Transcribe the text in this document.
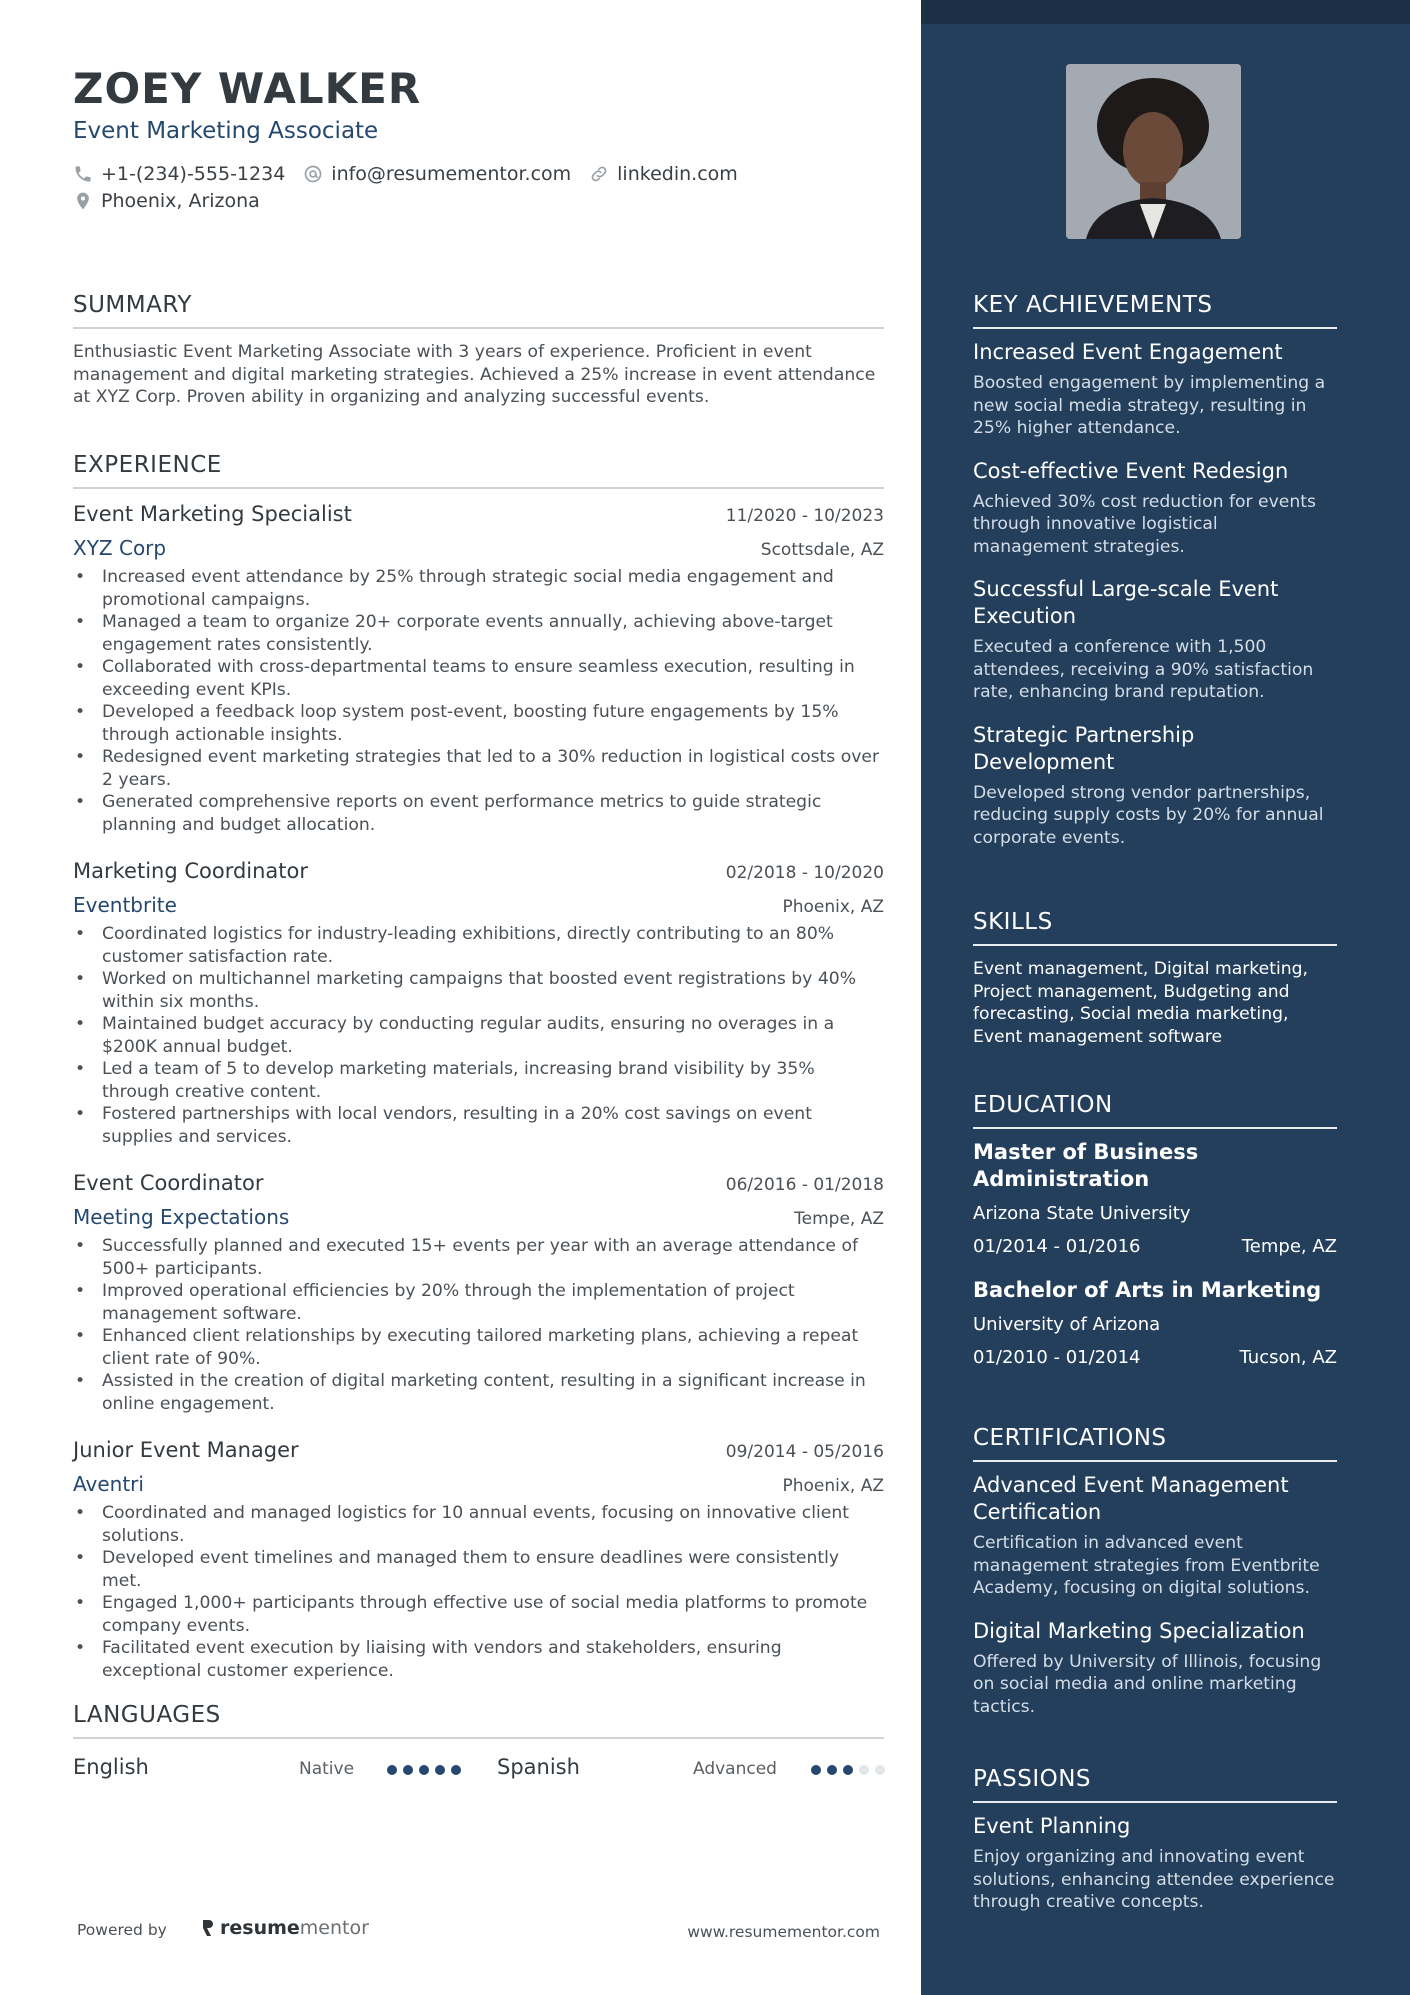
ZOEY WALKER
Event Marketing Associate
+1-(234)-555-1234 info@resumementor.com linkedin.com
Phoenix, Arizona
SUMMARY
Enthusiastic Event Marketing Associate with 3 years of experience. Proficient in event management and digital marketing strategies. Achieved a 25% increase in event attendance at XYZ Corp. Proven ability in organizing and analyzing successful events.
EXPERIENCE
Event Marketing Specialist	11/2020 - 10/2023
XYZ Corp	Scottsdale, AZ
• Increased event attendance by 25% through strategic social media engagement and promotional campaigns.
• Managed a team to organize 20+ corporate events annually, achieving above-target engagement rates consistently.
• Collaborated with cross-departmental teams to ensure seamless execution, resulting in exceeding event KPIs.
• Developed a feedback loop system post-event, boosting future engagements by 15% through actionable insights.
• Redesigned event marketing strategies that led to a 30% reduction in logistical costs over 2 years.
• Generated comprehensive reports on event performance metrics to guide strategic planning and budget allocation.
Marketing Coordinator	02/2018 - 10/2020
Eventbrite	Phoenix, AZ
• Coordinated logistics for industry-leading exhibitions, directly contributing to an 80% customer satisfaction rate.
• Worked on multichannel marketing campaigns that boosted event registrations by 40% within six months.
• Maintained budget accuracy by conducting regular audits, ensuring no overages in a $200K annual budget.
• Led a team of 5 to develop marketing materials, increasing brand visibility by 35% through creative content.
• Fostered partnerships with local vendors, resulting in a 20% cost savings on event supplies and services.
Event Coordinator	06/2016 - 01/2018
Meeting Expectations	Tempe, AZ
• Successfully planned and executed 15+ events per year with an average attendance of 500+ participants.
• Improved operational efficiencies by 20% through the implementation of project management software.
• Enhanced client relationships by executing tailored marketing plans, achieving a repeat client rate of 90%.
• Assisted in the creation of digital marketing content, resulting in a significant increase in online engagement.
Junior Event Manager	09/2014 - 05/2016
Aventri	Phoenix, AZ
• Coordinated and managed logistics for 10 annual events, focusing on innovative client solutions.
• Developed event timelines and managed them to ensure deadlines were consistently met.
• Engaged 1,000+ participants through effective use of social media platforms to promote company events.
• Facilitated event execution by liaising with vendors and stakeholders, ensuring exceptional customer experience.
LANGUAGES
English	Native	Spanish	Advanced
Powered by	resume mentor	www.resumementor.com
KEY ACHIEVEMENTS
Increased Event Engagement
Boosted engagement by implementing a new social media strategy, resulting in 25% higher attendance.
Cost-effective Event Redesign
Achieved 30% cost reduction for events through innovative logistical management strategies.
Successful Large-scale Event Execution
Executed a conference with 1,500 attendees, receiving a 90% satisfaction rate, enhancing brand reputation.
Strategic Partnership Development
Developed strong vendor partnerships, reducing supply costs by 20% for annual corporate events.
SKILLS
Event management, Digital marketing, Project management, Budgeting and forecasting, Social media marketing, Event management software
EDUCATION
Master of Business Administration
Arizona State University
01/2014 - 01/2016	Tempe, AZ
Bachelor of Arts in Marketing
University of Arizona
01/2010 - 01/2014	Tucson, AZ
CERTIFICATIONS
Advanced Event Management Certification
Certification in advanced event management strategies from Eventbrite Academy, focusing on digital solutions.
Digital Marketing Specialization
Offered by University of Illinois, focusing on social media and online marketing tactics.
PASSIONS
Event Planning
Enjoy organizing and innovating event solutions, enhancing attendee experience through creative concepts.
